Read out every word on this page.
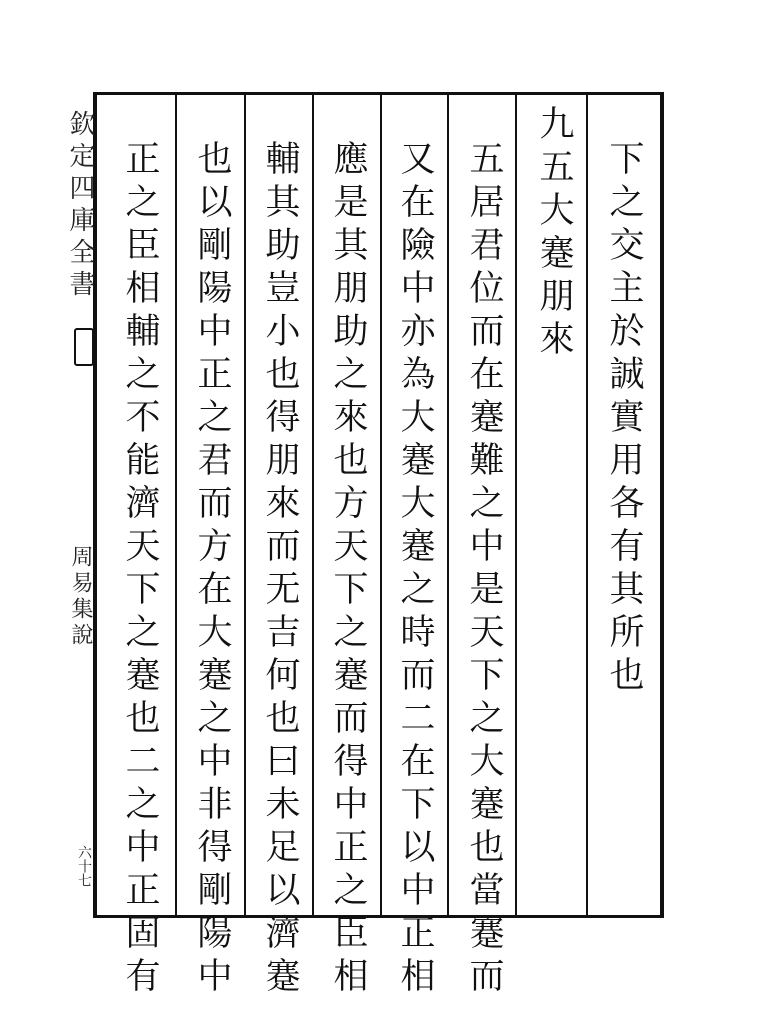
欽定四庫全書
周易集說
六十七
下之交主於誠實用各有其所也
九五大蹇朋來
五居君位而在蹇難之中是天下之大蹇也當蹇而
又在險中亦為大蹇大蹇之時而二在下以中正相
應是其朋助之來也方天下之蹇而得中正之臣相
輔其助豈小也得朋來而无吉何也曰未足以濟蹇
也以剛陽中正之君而方在大蹇之中非得剛陽中
正之臣相輔之不能濟天下之蹇也二之中正固有
